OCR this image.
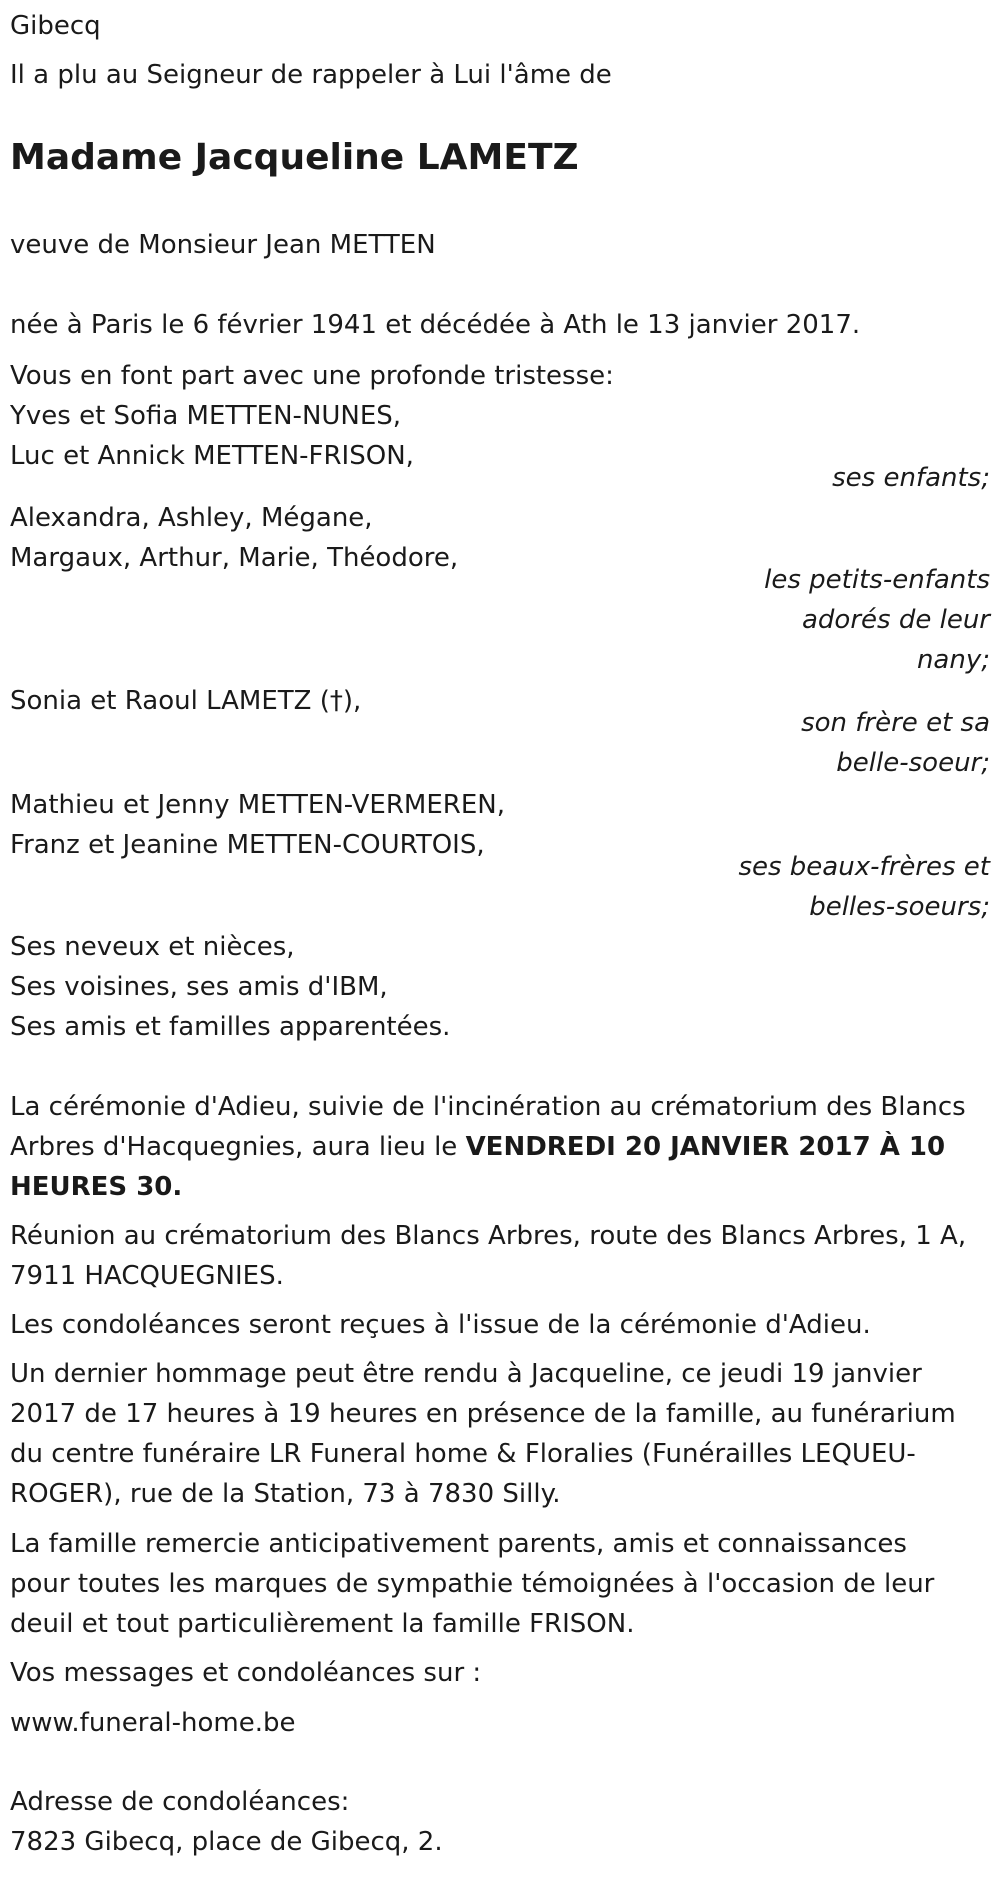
Gibecq

Il a plu au Seigneur de rappeler à Lui l'âme de

Madame Jacqueline LAMETZ

veuve de Monsieur Jean METTEN

née à Paris le 6 février 1941 et décédée à Ath le 13 janvier 2017.

Vous en font part avec une profonde tristesse:

Yves et Sofia METTEN-NUNES,

Luc et Annick METTEN-FRISON,

ses enfants;

Alexandra, Ashley, Mégane,

Margaux, Arthur, Marie, Théodore,

les petits-enfants

adorés de leur

nany;

Sonia et Raoul LAMETZ (†),

son frère et sa

belle-soeur;

Mathieu et Jenny METTEN-VERMEREN,

Franz et Jeanine METTEN-COURTOIS,

ses beaux-frères et

belles-soeurs;

Ses neveux et nièces,

Ses voisines, ses amis d'IBM,

Ses amis et familles apparentées.

La cérémonie d'Adieu, suivie de l'incinération au crématorium des Blancs

Arbres d'Hacquegnies, aura lieu le VENDREDI 20 JANVIER 2017 À 10

HEURES 30.

Réunion au crématorium des Blancs Arbres, route des Blancs Arbres, 1 A,

7911 HACQUEGNIES.

Les condoléances seront reçues à l'issue de la cérémonie d'Adieu.

Un dernier hommage peut être rendu à Jacqueline, ce jeudi 19 janvier

2017 de 17 heures à 19 heures en présence de la famille, au funérarium

du centre funéraire LR Funeral home & Floralies (Funérailles LEQUEU-

ROGER), rue de la Station, 73 à 7830 Silly.

La famille remercie anticipativement parents, amis et connaissances

pour toutes les marques de sympathie témoignées à l'occasion de leur

deuil et tout particulièrement la famille FRISON.

Vos messages et condoléances sur :

www.funeral-home.be

Adresse de condoléances:

7823 Gibecq, place de Gibecq, 2.
